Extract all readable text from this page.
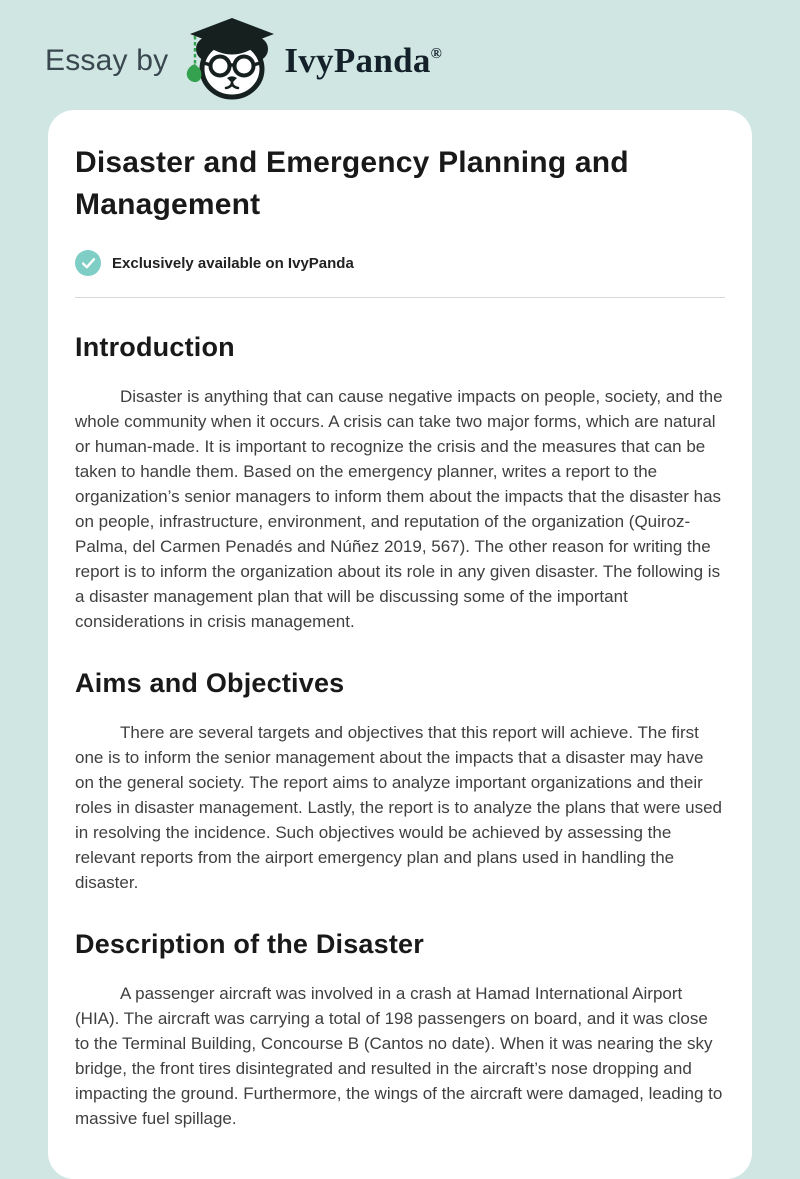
Essay by	IvyPanda®
Disaster and Emergency Planning and Management
Exclusively available on IvyPanda
Introduction

Disaster is anything that can cause negative impacts on people, society, and the whole community when it occurs. A crisis can take two major forms, which are natural or human-made. It is important to recognize the crisis and the measures that can be taken to handle them. Based on the emergency planner, writes a report to the organization’s senior managers to inform them about the impacts that the disaster has on people, infrastructure, environment, and reputation of the organization (Quiroz-Palma, del Carmen Penadés and Núñez 2019, 567). The other reason for writing the report is to inform the organization about its role in any given disaster. The following is a disaster management plan that will be discussing some of the important considerations in crisis management.

Aims and Objectives

There are several targets and objectives that this report will achieve. The first one is to inform the senior management about the impacts that a disaster may have on the general society. The report aims to analyze important organizations and their roles in disaster management. Lastly, the report is to analyze the plans that were used in resolving the incidence. Such objectives would be achieved by assessing the relevant reports from the airport emergency plan and plans used in handling the disaster.

Description of the Disaster

A passenger aircraft was involved in a crash at Hamad International Airport (HIA). The aircraft was carrying a total of 198 passengers on board, and it was close to the Terminal Building, Concourse B (Cantos no date). When it was nearing the sky bridge, the front tires disintegrated and resulted in the aircraft’s nose dropping and impacting the ground. Furthermore, the wings of the aircraft were damaged, leading to massive fuel spillage.
